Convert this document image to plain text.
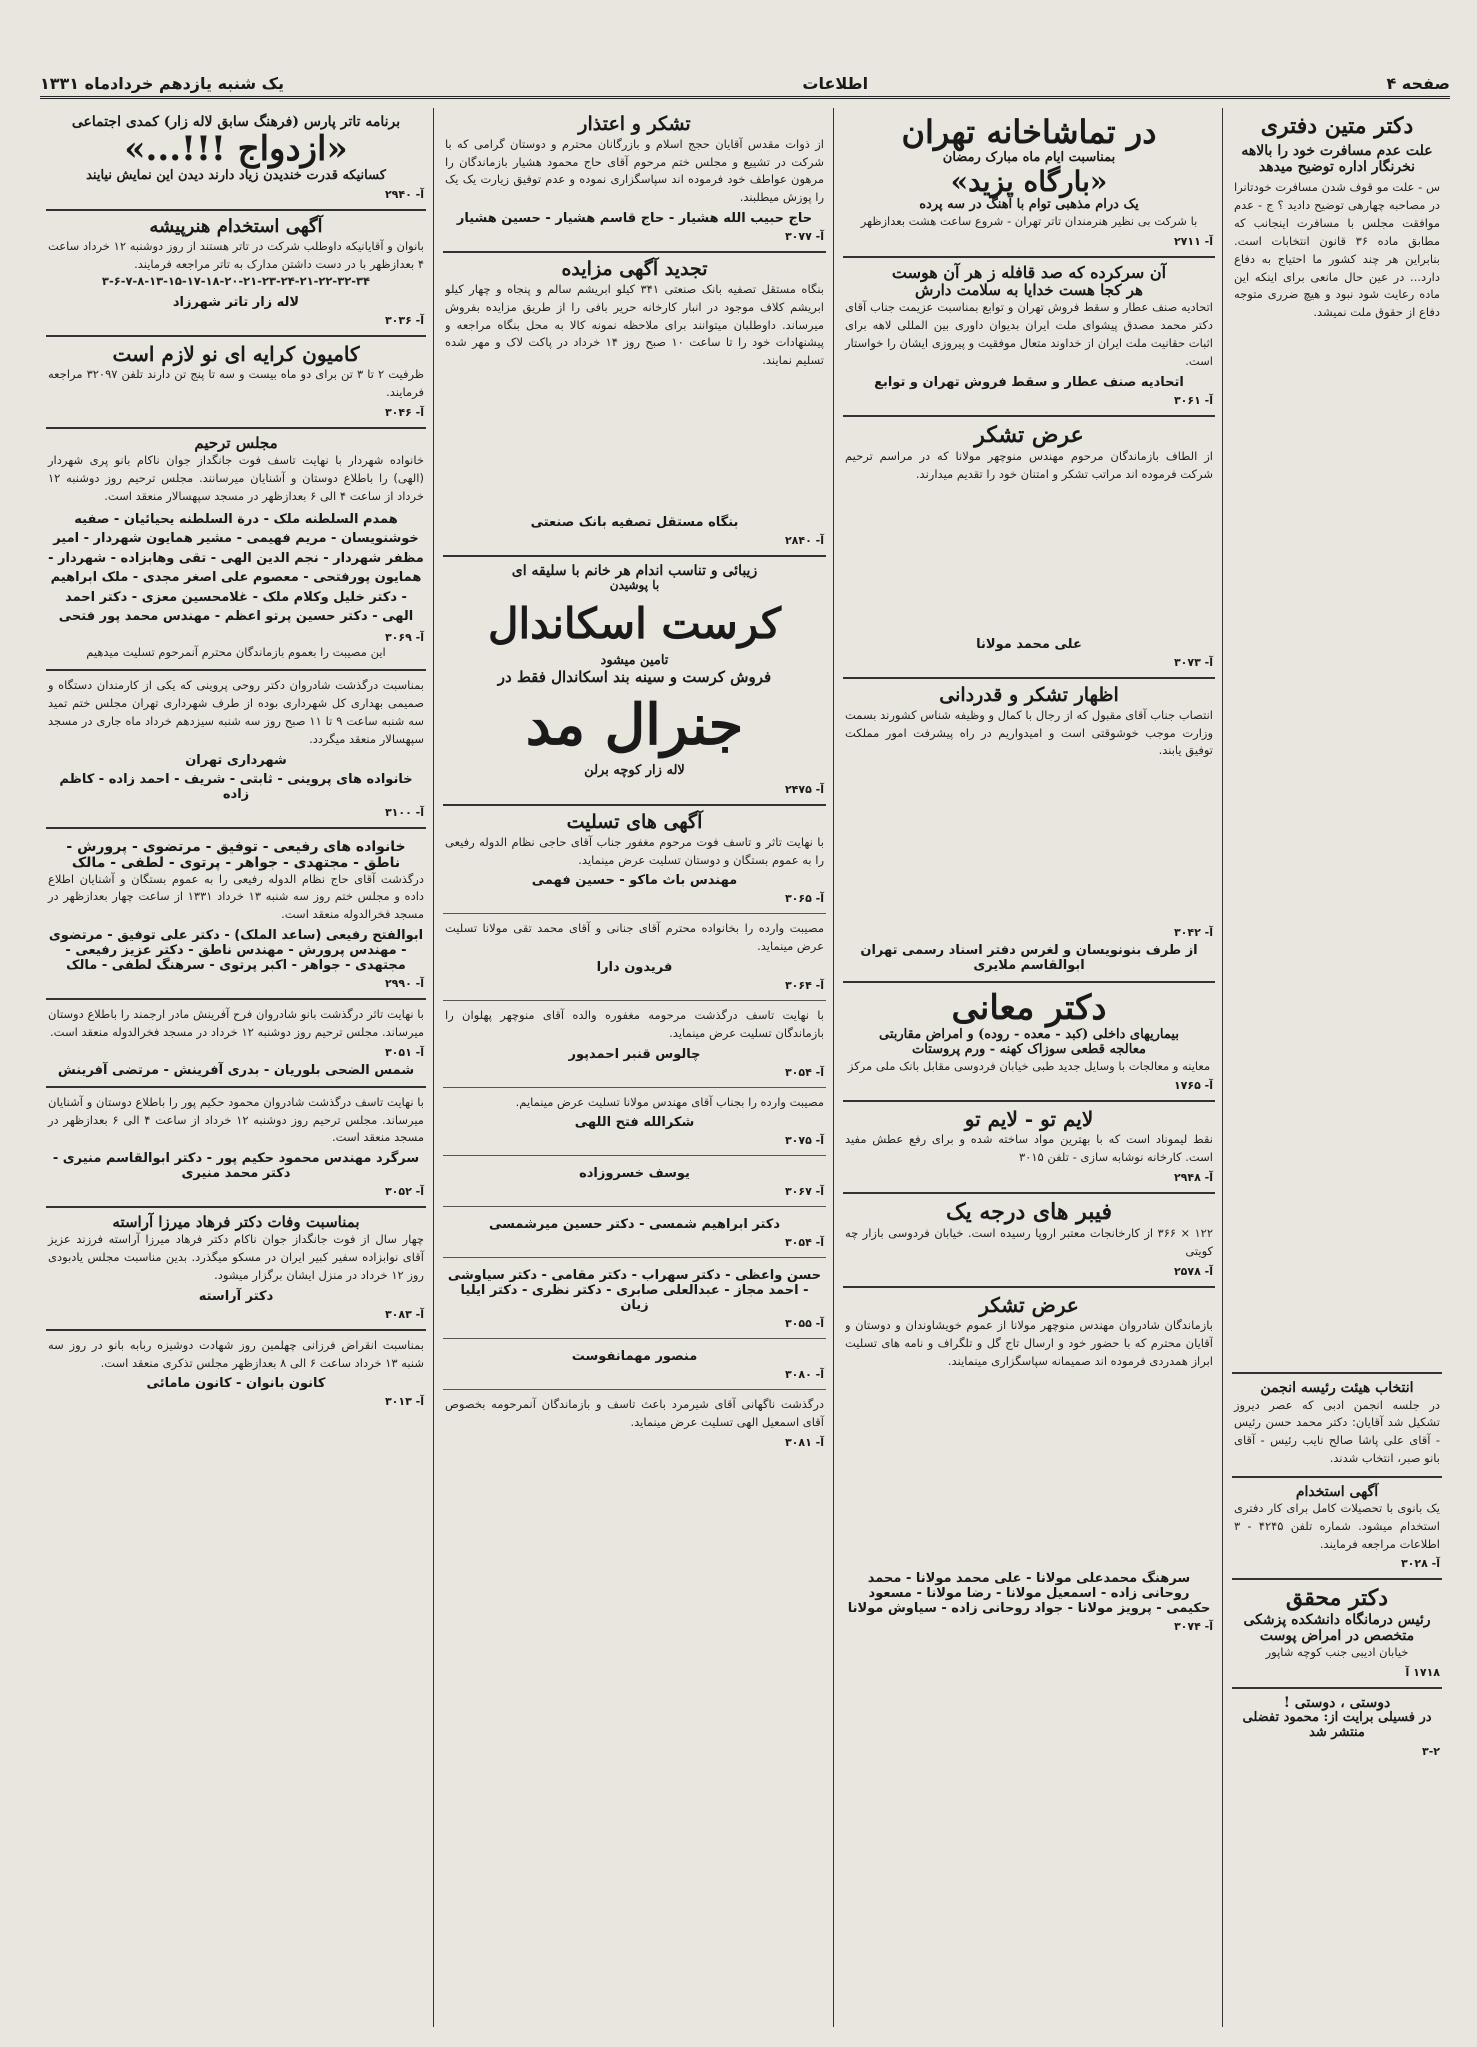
یک شنبه یازدهم خردادماه ۱۳۳۱	اطلاعات	صفحه ۴
دکتر متین دفتری
علت عدم مسافرت خود را بالاهه نخرنگار اداره توضیح میدهد
س - علت مو قوف شدن مسافرت خودتانرا در مصاحبه چهارهی توضیح دادید ؟ ج - عدم موافقت مجلس با مسافرت اینجانب که مطابق ماده ۳۶ قانون انتخابات است. بنابراین هر چند کشور ما احتیاج به دفاع دارد... در عین حال مانعی برای اینکه این ماده رعایت شود نبود و هیچ ضرری متوجه دفاع از حقوق ملت نمیشد.
انتخاب هیئت رئیسه انجمن
در جلسه انجمن ادبی که عصر دیروز تشکیل شد آقایان: دکتر محمد حسن رئیس - آقای علی پاشا صالح نایب رئیس - آقای بانو صبر، انتخاب شدند.
آگهی استخدام
یک بانوی با تحصیلات کامل برای کار دفتری استخدام میشود. شماره تلفن ۴۲۴۵ - ۳ اطلاعات مراجعه فرمایند.
آ- ۳۰۲۸
دکتر محقق
رئیس درمانگاه دانشکده پزشکی متخصص در امراض پوست
خیابان ادیبی جنب کوچه شاپور
۱۷۱۸ آ
دوستی ، دوستی !
در فسیلی برایت از: محمود تفضلی منتشر شد
۳-۲
در تماشاخانه تهران
بمناسبت ایام ماه مبارک رمضان
«بارگاه یزید»
یک درام مذهبی توام با آهنگ در سه پرده
با شرکت بی نظیر هنرمندان تاتر تهران - شروع ساعت هشت بعدازظهر
آ- ۲۷۱۱
آن سرکرده که صد قافله ز هر آن هوست
هر کجا هست خدایا به سلامت دارش
اتحادیه صنف عطار و سقط فروش تهران و توابع بمناسبت عزیمت جناب آقای دکتر محمد مصدق پیشوای ملت ایران بدیوان داوری بین المللی لاهه برای اثبات حقانیت ملت ایران از خداوند متعال موفقیت و پیروزی ایشان را خواستار است.
اتحادیه صنف عطار و سقط فروش تهران و توابع
آ- ۳۰۶۱
عرض تشکر
از الطاف بازماندگان مرحوم مهندس منوچهر مولانا که در مراسم ترحیم شرکت فرموده اند مراتب تشکر و امتنان خود را تقدیم میدارند.
علی محمد مولانا
آ- ۳۰۷۳
اظهار تشکر و قدردانی
انتصاب جناب آقای مقبول که از رجال با کمال و وظیفه شناس کشورند بسمت وزارت موجب خوشوقتی است و امیدواریم در راه پیشرفت امور مملکت توفیق یابند.
آ- ۳۰۴۲
از طرف بنونویسان و لغرس دفتر اسناد رسمی تهران ابوالقاسم ملایری
دکتر معانی
بیماریهای داخلی (کبد - معده - روده) و امراض مقاربتی
معالجه قطعی سوزاک کهنه - ورم پروستات
معاینه و معالجات با وسایل جدید طبی خیابان فردوسی مقابل بانک ملی مرکز
آ- ۱۷۶۵
لایم تو - لایم تو
نقط لیموناد است که با بهترین مواد ساخته شده و برای رفع عطش مفید است. کارخانه نوشابه سازی - تلفن ۳۰۱۵
آ- ۲۹۴۸
فیبر های درجه یک
۱۲۲ × ۳۶۶ از کارخانجات معتبر اروپا رسیده است. خیابان فردوسی بازار چه کویتی
آ- ۲۵۷۸
عرض تشکر
بازماندگان شادروان مهندس منوچهر مولانا از عموم خویشاوندان و دوستان و آقایان محترم که با حضور خود و ارسال تاج گل و تلگراف و نامه های تسلیت ابراز همدردی فرموده اند صمیمانه سپاسگزاری مینمایند.
سرهنگ محمدعلی مولانا - علی محمد مولانا - محمد روحانی زاده - اسمعیل مولانا - رضا مولانا - مسعود حکیمی - پرویز مولانا - جواد روحانی زاده - سیاوش مولانا
آ- ۳۰۷۴
تشکر و اعتذار
از ذوات مقدس آقایان حجج اسلام و بازرگانان محترم و دوستان گرامی که با شرکت در تشییع و مجلس ختم مرحوم آقای حاج محمود هشیار بازماندگان را مرهون عواطف خود فرموده اند سپاسگزاری نموده و عدم توفیق زیارت یک یک را پوزش میطلبند.
حاج حبیب الله هشیار - حاج قاسم هشیار - حسین هشیار
آ- ۳۰۷۷
تجدید آگهی مزایده
بنگاه مستقل تصفیه بانک صنعتی ۳۴۱ کیلو ابریشم سالم و پنجاه و چهار کیلو ابریشم کلاف موجود در انبار کارخانه حریر بافی را از طریق مزایده بفروش میرساند. داوطلبان میتوانند برای ملاحظه نمونه کالا به محل بنگاه مراجعه و پیشنهادات خود را تا ساعت ۱۰ صبح روز ۱۴ خرداد در پاکت لاک و مهر شده تسلیم نمایند.
بنگاه مستقل تصفیه بانک صنعتی
آ- ۲۸۴۰
زیبائی و تناسب اندام هر خانم با سلیقه ای
با پوشیدن
کرست اسکاندال
تامین میشود
فروش کرست و سینه بند اسکاندال فقط در
جنرال مد
لاله زار کوچه برلن
آ- ۲۴۷۵
آگهی های تسلیت
با نهایت تاثر و تاسف فوت مرحوم مغفور جناب آقای حاجی نظام الدوله رفیعی را به عموم بستگان و دوستان تسلیت عرض مینماید.
مهندس باث ماکو - حسین فهمی
آ- ۳۰۶۵
مصیبت وارده را بخانواده محترم آقای جنانی و آقای محمد تقی مولانا تسلیت عرض مینماید.
فریدون دارا
آ- ۳۰۶۴
با نهایت تاسف درگذشت مرحومه مغفوره والده آقای منوچهر پهلوان را بازماندگان تسلیت عرض مینماید.
چالوس قنبر احمدپور
آ- ۳۰۵۴
مصیبت وارده را بجناب آقای مهندس مولانا تسلیت عرض مینمایم.
شکرالله فتح اللهی
آ- ۳۰۷۵
یوسف خسروزاده
آ- ۳۰۶۷
دکتر ابراهیم شمسی - دکتر حسین میرشمسی
آ- ۳۰۵۴
حسن واعظی - دکتر سهراب - دکتر مقامی - دکتر سیاوشی - احمد مجاز - عبدالعلی صابری - دکتر نظری - دکتر ایلیا زیان
آ- ۳۰۵۵
منصور مهمانفوست
آ- ۳۰۸۰
درگذشت ناگهانی آقای شیرمرد باعث تاسف و بازماندگان آنمرحومه بخصوص آقای اسمعیل الهی تسلیت عرض مینماید.
آ- ۳۰۸۱
برنامه تاتر پارس (فرهنگ سابق لاله زار) کمدی اجتماعی
«ازدواج !!!...»
کسانیکه قدرت خندیدن زیاد دارند دیدن این نمایش نیایند
آ- ۲۹۴۰
آگهی استخدام هنرپیشه
بانوان و آقایانیکه داوطلب شرکت در تاتر هستند از روز دوشنبه ۱۲ خرداد ساعت ۴ بعدازظهر با در دست داشتن مدارک به تاتر مراجعه فرمایند.
۳-۶-۷-۸-۱۳-۱۵-۱۷-۱۸-۲۰-۲۱-۲۳-۲۴-۲۱-۲۲-۳۲-۳۴
لاله زار تاتر شهرزاد
آ- ۳۰۳۶
کامیون کرایه ای نو لازم است
ظرفیت ۲ تا ۳ تن برای دو ماه بیست و سه تا پنج تن دارند تلفن ۳۲۰۹۷ مراجعه فرمایند.
آ- ۳۰۴۶
مجلس ترحیم
خانواده شهردار با نهایت تاسف فوت جانگداز جوان ناکام بانو پری شهردار (الهی) را باطلاع دوستان و آشنایان میرسانند. مجلس ترحیم روز دوشنبه ۱۲ خرداد از ساعت ۴ الی ۶ بعدازظهر در مسجد سپهسالار منعقد است.
همدم السلطنه ملک - درة السلطنه یحیائیان - صفیه خوشنویسان - مریم فهیمی - مشیر همایون شهردار - امیر مظفر شهردار - نجم الدین الهی - تقی وهابزاده - شهردار - همایون پورفتحی - معصوم علی اصغر مجدی - ملک ابراهیم - دکتر خلیل وکلام ملک - غلامحسین معزی - دکتر احمد الهی - دکتر حسین پرتو اعظم - مهندس محمد پور فتحی
آ- ۳۰۶۹
این مصیبت را بعموم بازماندگان محترم آنمرحوم تسلیت میدهیم
بمناسبت درگذشت شادروان دکتر روحی پروینی که یکی از کارمندان دستگاه و صمیمی بهداری کل شهرداری بوده از طرف شهرداری تهران مجلس ختم تمید سه شنبه ساعت ۹ تا ۱۱ صبح روز سه شنبه سیزدهم خرداد ماه جاری در مسجد سپهسالار منعقد میگردد.
شهرداری تهران
خانواده های پروینی - ثابتی - شریف - احمد زاده - کاظم زاده
آ- ۳۱۰۰
خانواده های رفیعی - توفیق - مرتضوی - پرورش - ناطق - مجتهدی - جواهر - پرتوی - لطفی - مالک
درگذشت آقای حاج نظام الدوله رفیعی را به عموم بستگان و آشنایان اطلاع داده و مجلس ختم روز سه شنبه ۱۳ خرداد ۱۳۳۱ از ساعت چهار بعدازظهر در مسجد فخرالدوله منعقد است.
ابوالفتح رفیعی (ساعد الملک) - دکتر علی توفیق - مرتضوی - مهندس پرورش - مهندس ناطق - دکتر عزیز رفیعی - مجتهدی - جواهر - اکبر پرتوی - سرهنگ لطفی - مالک
آ- ۲۹۹۰
با نهایت تاثر درگذشت بانو شادروان فرح آفرینش مادر ارجمند را باطلاع دوستان میرساند. مجلس ترحیم روز دوشنبه ۱۲ خرداد در مسجد فخرالدوله منعقد است.
آ- ۳۰۵۱
شمس الضحی بلوریان - بدری آفرینش - مرتضی آفرینش
با نهایت تاسف درگذشت شادروان محمود حکیم پور را باطلاع دوستان و آشنایان میرساند. مجلس ترحیم روز دوشنبه ۱۲ خرداد از ساعت ۴ الی ۶ بعدازظهر در مسجد منعقد است.
سرگرد مهندس محمود حکیم پور - دکتر ابوالقاسم منیری - دکتر محمد منیری
آ- ۳۰۵۲
بمناسبت وفات دکتر فرهاد میرزا آراسته
چهار سال از فوت جانگداز جوان ناکام دکتر فرهاد میرزا آراسته فرزند عزیز آقای نوابزاده سفیر کبیر ایران در مسکو میگذرد. بدین مناسبت مجلس یادبودی روز ۱۲ خرداد در منزل ایشان برگزار میشود.
دکتر آراسته
آ- ۳۰۸۳
بمناسبت انقراض فرزانی چهلمین روز شهادت دوشیزه ربابه بانو در روز سه شنبه ۱۳ خرداد ساعت ۶ الی ۸ بعدازظهر مجلس تذکری منعقد است.
کانون بانوان - کانون مامائی
آ- ۳۰۱۳
